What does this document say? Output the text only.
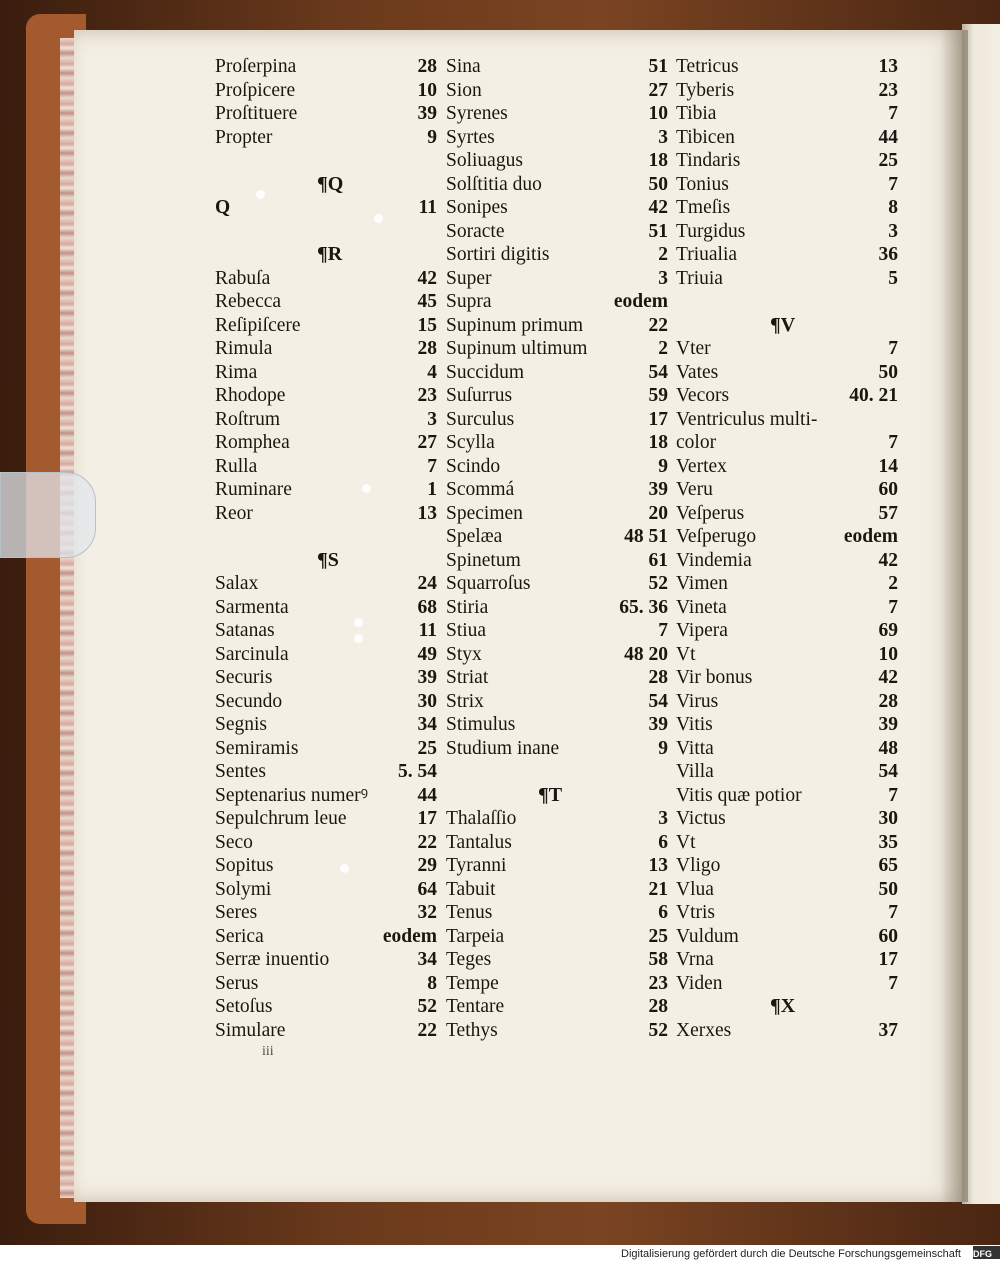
Proſerpina	28
Proſpicere	10
Proſtituere	39
Propter	9
¶Q
Q	11
¶R
Rabuſa	42
Rebecca	45
Reſipiſcere	15
Rimula	28
Rima	4
Rhodope	23
Roſtrum	3
Romphea	27
Rulla	7
Ruminare	1
Reor	13
¶S
Salax	24
Sarmenta	68
Satanas	11
Sarcinula	49
Securis	39
Secundo	30
Segnis	34
Semiramis	25
Sentes	5. 54
Septenarius numerꝰ	44
Sepulchrum leue	17
Seco	22
Sopitus	29
Solymi	64
Seres	32
Serica	eodem
Serræ inuentio	34
Serus	8
Setoſus	52
Simulare	22
Sina	51
Sion	27
Syrenes	10
Syrtes	3
Soliuagus	18
Solſtitia duo	50
Sonipes	42
Soracte	51
Sortiri digitis	2
Super	3
Supra	eodem
Supinum primum	22
Supinum ultimum	2
Succidum	54
Suſurrus	59
Surculus	17
Scylla	18
Scindo	9
Scommá	39
Specimen	20
Spelæa	48 51
Spinetum	61
Squarroſus	52
Stiria	65. 36
Stiua	7
Styx	48 20
Striat	28
Strix	54
Stimulus	39
Studium inane	9
¶T
Thalaſſio	3
Tantalus	6
Tyranni	13
Tabuit	21
Tenus	6
Tarpeia	25
Teges	58
Tempe	23
Tentare	28
Tethys	52
Tetricus	13
Tyberis	23
Tibia	7
Tibicen	44
Tindaris	25
Tonius	7
Tmeſis	8
Turgidus	3
Triualia	36
Triuia	5
¶V
Vter	7
Vates	50
Vecors	40. 21
Ventriculus multi-
color	7
Vertex	14
Veru	60
Veſperus	57
Veſperugo	eodem
Vindemia	42
Vimen	2
Vineta	7
Vipera	69
Vt	10
Vir bonus	42
Virus	28
Vitis	39
Vitta	48
Villa	54
Vitis quæ potior	7
Victus	30
Vt	35
Vligo	65
Vlua	50
Vtris	7
Vuldum	60
Vrna	17
Viden	7
¶X
Xerxes	37
iii
Digitalisierung gefördert durch die Deutsche Forschungsgemeinschaft DFG
